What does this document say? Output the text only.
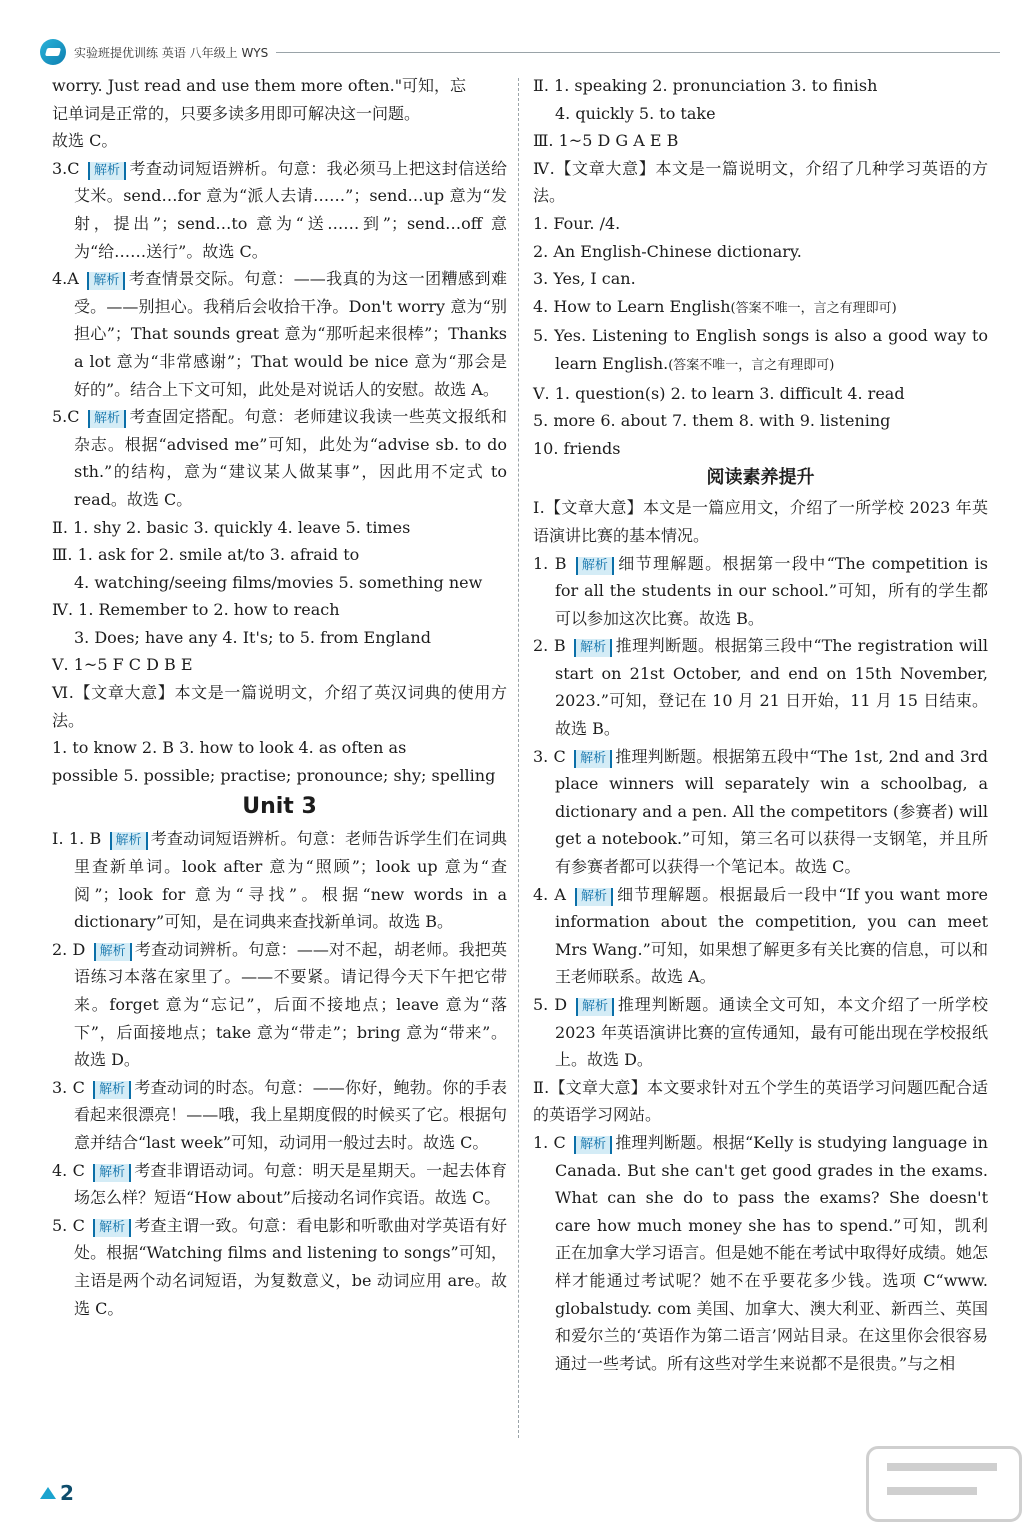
实验班提优训练 英语 八年级上 WYS

worry. Just read and use them more often."可知，忘

记单词是正常的，只要多读多用即可解决这一问题。

故选 C。

3.C 解析 考查动词短语辨析。句意：我必须马上把这封信送给艾米。send…for 意为“派人去请……”；send…up 意为“发射，提出”；send…to 意为“送……到”；send…off 意为“给……送行”。故选 C。

4.A 解析 考查情景交际。句意：——我真的为这一团糟感到难受。——别担心。我稍后会收拾干净。Don't worry 意为“别担心”；That sounds great 意为“那听起来很棒”；Thanks a lot 意为“非常感谢”；That would be nice 意为“那会是好的”。结合上下文可知，此处是对说话人的安慰。故选 A。

5.C 解析 考查固定搭配。句意：老师建议我读一些英文报纸和杂志。根据“advised me”可知，此处为“advise sb. to do sth.”的结构，意为“建议某人做某事”，因此用不定式 to read。故选 C。

Ⅱ. 1. shy 2. basic 3. quickly 4. leave 5. times

Ⅲ. 1. ask for 2. smile at/to 3. afraid to

4. watching/seeing films/movies 5. something new

Ⅳ. 1. Remember to 2. how to reach

3. Does; have any 4. It's; to 5. from England

Ⅴ. 1~5 F C D B E

Ⅵ.【文章大意】本文是一篇说明文，介绍了英汉词典的使用方法。

1. to know 2. B 3. how to look 4. as often as

possible 5. possible; practise; pronounce; shy; spelling

Unit 3

Ⅰ. 1. B 解析 考查动词短语辨析。句意：老师告诉学生们在词典里查新单词。look after 意为“照顾”；look up 意为“查阅”；look for 意为“寻找”。根据“new words in a dictionary”可知，是在词典来查找新单词。故选 B。

2. D 解析 考查动词辨析。句意：——对不起，胡老师。我把英语练习本落在家里了。——不要紧。请记得今天下午把它带来。forget 意为“忘记”，后面不接地点；leave 意为“落下”，后面接地点；take 意为“带走”；bring 意为“带来”。故选 D。

3. C 解析 考查动词的时态。句意：——你好，鲍勃。你的手表看起来很漂亮！——哦，我上星期度假的时候买了它。根据句意并结合“last week”可知，动词用一般过去时。故选 C。

4. C 解析 考查非谓语动词。句意：明天是星期天。一起去体育场怎么样？短语“How about”后接动名词作宾语。故选 C。

5. C 解析 考查主谓一致。句意：看电影和听歌曲对学英语有好处。根据“Watching films and listening to songs”可知，主语是两个动名词短语，为复数意义，be 动词应用 are。故选 C。

Ⅱ. 1. speaking 2. pronunciation 3. to finish

4. quickly 5. to take

Ⅲ. 1~5 D G A E B

Ⅳ.【文章大意】本文是一篇说明文，介绍了几种学习英语的方法。

1. Four. /4.

2. An English-Chinese dictionary.

3. Yes, I can.

4. How to Learn English(答案不唯一，言之有理即可)

5. Yes. Listening to English songs is also a good way to learn English.(答案不唯一，言之有理即可)

Ⅴ. 1. question(s) 2. to learn 3. difficult 4. read

5. more 6. about 7. them 8. with 9. listening

10. friends

阅读素养提升

Ⅰ.【文章大意】本文是一篇应用文，介绍了一所学校 2023 年英语演讲比赛的基本情况。

1. B 解析 细节理解题。根据第一段中“The competition is for all the students in our school.”可知，所有的学生都可以参加这次比赛。故选 B。

2. B 解析 推理判断题。根据第三段中“The registration will start on 21st October, and end on 15th November, 2023.”可知，登记在 10 月 21 日开始，11 月 15 日结束。故选 B。

3. C 解析 推理判断题。根据第五段中“The 1st, 2nd and 3rd place winners will separately win a schoolbag, a dictionary and a pen. All the competitors (参赛者) will get a notebook.”可知，第三名可以获得一支钢笔，并且所有参赛者都可以获得一个笔记本。故选 C。

4. A 解析 细节理解题。根据最后一段中“If you want more information about the competition, you can meet Mrs Wang.”可知，如果想了解更多有关比赛的信息，可以和王老师联系。故选 A。

5. D 解析 推理判断题。通读全文可知，本文介绍了一所学校 2023 年英语演讲比赛的宣传通知，最有可能出现在学校报纸上。故选 D。

Ⅱ.【文章大意】本文要求针对五个学生的英语学习问题匹配合适的英语学习网站。

1. C 解析 推理判断题。根据“Kelly is studying language in Canada. But she can't get good grades in the exams. What can she do to pass the exams? She doesn't care how much money she has to spend.”可知，凯利正在加拿大学习语言。但是她不能在考试中取得好成绩。她怎样才能通过考试呢？她不在乎要花多少钱。选项 C“www. globalstudy. com 美国、加拿大、澳大利亚、新西兰、英国和爱尔兰的‘英语作为第二语言’网站目录。在这里你会很容易通过一些考试。所有这些对学生来说都不是很贵。”与之相

2
